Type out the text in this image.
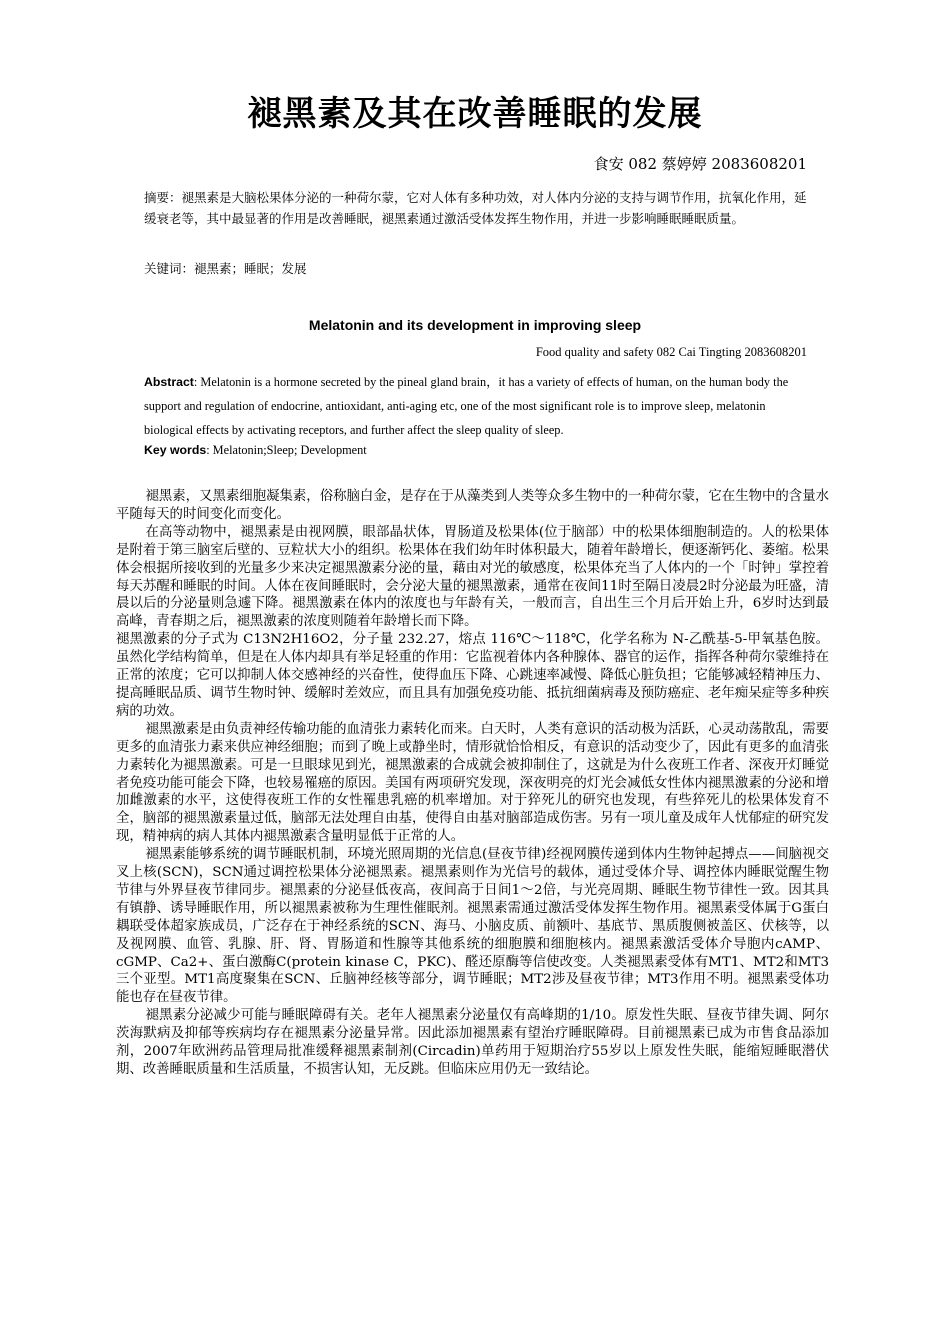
褪黑素及其在改善睡眠的发展

食安 082 蔡婷婷 2083608201

摘要：褪黑素是大脑松果体分泌的一种荷尔蒙，它对人体有多种功效，对人体内分泌的支持与调节作用，抗氧化作用，延缓衰老等，其中最显著的作用是改善睡眠，褪黑素通过激活受体发挥生物作用，并进一步影响睡眠睡眠质量。

关键词：褪黑素；睡眠；发展

Melatonin and its development in improving sleep

Food quality and safety 082 Cai Tingting 2083608201

Abstract: Melatonin is a hormone secreted by the pineal gland brain，it has a variety of effects of human, on the human body the support and regulation of endocrine, antioxidant, anti-aging etc, one of the most significant role is to improve sleep, melatonin biological effects by activating receptors, and further affect the sleep quality of sleep.

Key words: Melatonin;Sleep; Development

褪黑素，又黑素细胞凝集素，俗称脑白金，是存在于从藻类到人类等众多生物中的一种荷尔蒙，它在生物中的含量水平随每天的时间变化而变化。

在高等动物中，褪黑素是由视网膜，眼部晶状体，胃肠道及松果体(位于脑部）中的松果体细胞制造的。人的松果体是附着于第三脑室后壁的、豆粒状大小的组织。松果体在我们幼年时体积最大，随着年龄增长，便逐渐钙化、萎缩。松果体会根据所接收到的光量多少来决定褪黑激素分泌的量，藉由对光的敏感度，松果体充当了人体内的一个「时钟」掌控着每天苏醒和睡眠的时间。人体在夜间睡眠时，会分泌大量的褪黑激素，通常在夜间11时至隔日凌晨2时分泌最为旺盛，清晨以后的分泌量则急遽下降。褪黑激素在体内的浓度也与年龄有关，一般而言，自出生三个月后开始上升，6岁时达到最高峰，青春期之后，褪黑激素的浓度则随着年龄增长而下降。

褪黑激素的分子式为 C13N2H16O2，分子量 232.27，熔点 116℃～118℃，化学名称为 N-乙酰基-5-甲氧基色胺。虽然化学结构简单，但是在人体内却具有举足轻重的作用：它监视着体内各种腺体、器官的运作，指挥各种荷尔蒙维持在正常的浓度；它可以抑制人体交感神经的兴奋性，使得血压下降、心跳速率减慢、降低心脏负担；它能够减轻精神压力、提高睡眠品质、调节生物时钟、缓解时差效应，而且具有加强免疫功能、抵抗细菌病毒及预防癌症、老年痴呆症等多种疾病的功效。

褪黑激素是由负责神经传输功能的血清张力素转化而来。白天时，人类有意识的活动极为活跃，心灵动荡散乱，需要更多的血清张力素来供应神经细胞；而到了晚上或静坐时，情形就恰恰相反，有意识的活动变少了，因此有更多的血清张力素转化为褪黑激素。可是一旦眼球见到光，褪黑激素的合成就会被抑制住了，这就是为什么夜班工作者、深夜开灯睡觉者免疫功能可能会下降，也较易罹癌的原因。美国有两项研究发现，深夜明亮的灯光会减低女性体内褪黑激素的分泌和增加雌激素的水平，这使得夜班工作的女性罹患乳癌的机率增加。对于猝死儿的研究也发现，有些猝死儿的松果体发育不全，脑部的褪黑激素量过低，脑部无法处理自由基，使得自由基对脑部造成伤害。另有一项儿童及成年人忧郁症的研究发现，精神病的病人其体内褪黑激素含量明显低于正常的人。

褪黑素能够系统的调节睡眠机制，环境光照周期的光信息(昼夜节律)经视网膜传递到体内生物钟起搏点——间脑视交叉上核(SCN)，SCN通过调控松果体分泌褪黑素。褪黑素则作为光信号的载体，通过受体介导、调控体内睡眠觉醒生物节律与外界昼夜节律同步。褪黑素的分泌昼低夜高，夜间高于日间1～2倍，与光亮周期、睡眠生物节律性一致。因其具有镇静、诱导睡眠作用，所以褪黑素被称为生理性催眠剂。褪黑素需通过激活受体发挥生物作用。褪黑素受体属于G蛋白耦联受体超家族成员，广泛存在于神经系统的SCN、海马、小脑皮质、前额叶、基底节、黑质腹侧被盖区、伏核等，以及视网膜、血管、乳腺、肝、肾、胃肠道和性腺等其他系统的细胞膜和细胞核内。褪黑素激活受体介导胞内cAMP、cGMP、Ca2+、蛋白激酶C(protein kinase C，PKC)、醛还原酶等信使改变。人类褪黑素受体有MT1、MT2和MT3三个亚型。MT1高度聚集在SCN、丘脑神经核等部分，调节睡眠；MT2涉及昼夜节律；MT3作用不明。褪黑素受体功能也存在昼夜节律。

褪黑素分泌减少可能与睡眠障碍有关。老年人褪黑素分泌量仅有高峰期的1/10。原发性失眠、昼夜节律失调、阿尔茨海默病及抑郁等疾病均存在褪黑素分泌量异常。因此添加褪黑素有望治疗睡眠障碍。目前褪黑素已成为市售食品添加剂，2007年欧洲药品管理局批准缓释褪黑素制剂(Circadin)单药用于短期治疗55岁以上原发性失眠，能缩短睡眠潜伏期、改善睡眠质量和生活质量，不损害认知，无反跳。但临床应用仍无一致结论。
